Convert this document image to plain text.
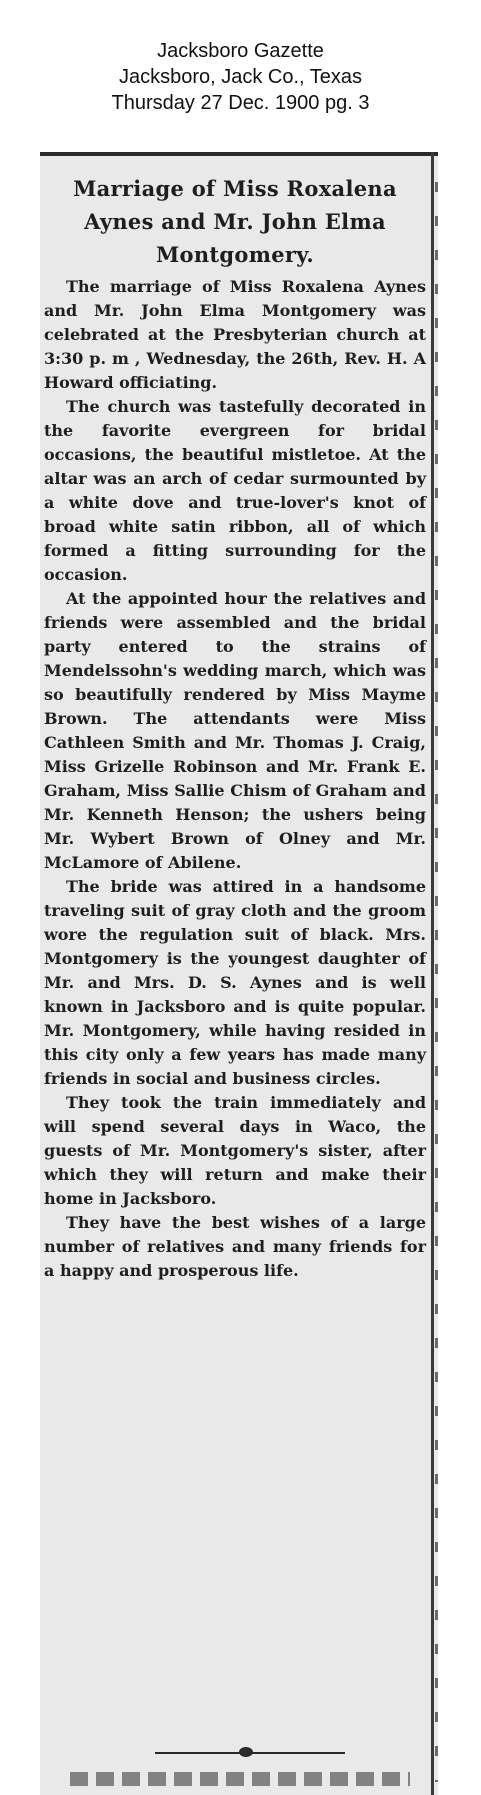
Jacksboro Gazette
Jacksboro, Jack Co., Texas
Thursday 27 Dec. 1900 pg. 3
Marriage of Miss Roxalena
Aynes and Mr. John Elma
Montgomery.

The marriage of Miss Roxalena Aynes and Mr. John Elma Montgomery was celebrated at the Presbyterian church at 3:30 p. m , Wednesday, the 26th, Rev. H. A Howard officiating.

The church was tastefully decorated in the favorite evergreen for bridal occasions, the beautiful mistletoe. At the altar was an arch of cedar surmounted by a white dove and true-lover's knot of broad white satin ribbon, all of which formed a fitting surrounding for the occasion.

At the appointed hour the relatives and friends were assembled and the bridal party entered to the strains of Mendelssohn's wedding march, which was so beautifully rendered by Miss Mayme Brown. The attendants were Miss Cathleen Smith and Mr. Thomas J. Craig, Miss Grizelle Robinson and Mr. Frank E. Graham, Miss Sallie Chism of Graham and Mr. Kenneth Henson; the ushers being Mr. Wybert Brown of Olney and Mr. McLamore of Abilene.

The bride was attired in a handsome traveling suit of gray cloth and the groom wore the regulation suit of black. Mrs. Montgomery is the youngest daughter of Mr. and Mrs. D. S. Aynes and is well known in Jacksboro and is quite popular. Mr. Montgomery, while having resided in this city only a few years has made many friends in social and business circles.

They took the train immediately and will spend several days in Waco, the guests of Mr. Montgomery's sister, after which they will return and make their home in Jacksboro.

They have the best wishes of a large number of relatives and many friends for a happy and prosperous life.
